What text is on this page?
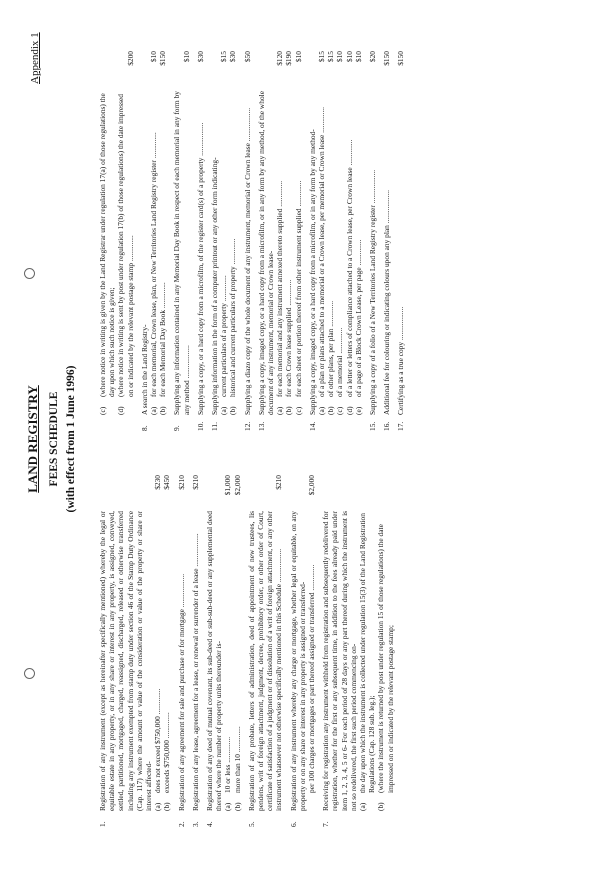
LAND REGISTRY FEES SCHEDULE (with effect from 1 June 1996)
Appendix 1
1.
Registration of any instrument (except as hereinafter specifically mentioned) whereby the legal or equitable estate in any property, or in any share or interest in any property, is assigned, conveyed, settled, partitioned, mortgaged, charged, reassigned, discharged, released or otherwise transferred including any instrument exempted from stamp duty under section 46 of the Stamp Duty Ordinance (Cap. 117) where the amount or value of the consideration or value of the property or share or interest affected- (a)
does not exceed $750,000 ..............
$230
(b)
exceeds $750,000 ..............
$450
2.
Registration of any agreement for sale and purchase or for mortgage ..................
$210
3.
Registration of any lease, agreement for a lease, or renewal or surrender of a lease ..................
$210
4.
Registration of any deed of mutual covenant, its sub-deed or sub-sub-deed or any supplemental deed thereof where the number of property units thereunder is- (a)
10 or less ..............
$1,000
(b)
more than 10 ..............
$2,000
5.
Registration of any probate, letters of administration, deed of appointment of new trustees, lis pendens, writ of foreign attachment, judgment, decree, prohibitory order, or other order of Court, certificate of satisfaction of a judgment or of dissolution of a writ of foreign attachment, or any other instrument whatsoever not otherwise specifically mentioned in this Schedule ..................
$210
6.
Registration of any instrument whereby any charge or mortgage, whether legal or equitable, on any property or on any share or interest in any property is assigned or transferred- per 100 charges or mortgages or part thereof assigned or transferred ..............
$2,000
7.
Receiving for registration any instrument withheld from registration and subsequently redelivered for registration, whether for the first or any subsequent time, in addition to the fees already paid under item 1, 2, 3, 4, 5 or 6- For each period of 28 days or any part thereof during which the instrument is not so redelivered, the first such period commencing on- (a)
the day upon which the instrument is collected under regulation 15(3) of the Land Registration Regulations (Cap. 128 sub. leg.);
(b)
(where the instrument is returned by post under regulation 15 of those regulations) the date impressed on or indicated by the relevant postage stamp;
(c)
(where notice in writing is given by the Land Registrar under regulation 17(a) of those regulations) the day upon which such notice is given;
(d)
(where notice in writing is sent by post under regulation 17(b) of those regulations) the date impressed on or indicated by the relevant postage stamp ..............
$200
8.
A search in the Land Registry- (a)
for each memorial, Crown lease, plan, or New Territories Land Registry register ..............
$10
(b)
for each Memorial Day Book ..............
$150
9.
Supplying any information contained in any Memorial Day Book in respect of each memorial in any form by any method ..................
$10
10.
Supplying a copy, or a hard copy from a microfilm, of the register card(s) of a property ..................
$30
11.
Supplying information in the form of a computer printout or any other form indicating- (a)
current particulars of a property ..............
$15
(b)
historical and current particulars of property ..............
$30
12.
Supplying a diazo copy of the whole document of any instrument, memorial or Crown lease ..................
$50
13.
Supplying a copy, imaged copy, or a hard copy from a microfilm, or in any form by any method, of the whole document of any instrument, memorial or Crown lease- (a)
for each memorial and any instrument annexed thereto supplied ..............
$120
(b)
for each Crown lease supplied ..............
$190
(c)
for each sheet or portion thereof from other instrument supplied ..............
$10
14.
Supplying a copy, imaged copy, or a hard copy from a microfilm, or in any form by any method- (a)
of a plan or plans attached to a memorial or a Crown lease, per memorial or Crown lease ..............
$15
(b)
of other plans, per plan ..............
$15
(c)
of a memorial ..............
$10
(d)
of a letter or letters of compliance attached to a Crown lease, per Crown lease ..............
$10
(e)
of a page of a Block Crown Lease, per page ..............
$10
15.
Supplying a copy of a folio of a New Territories Land Registry register ..................
$20
16.
Additional fee for colouring or indicating colours upon any plan ..................
$150
17.
Certifying as a true copy ..................
$150
